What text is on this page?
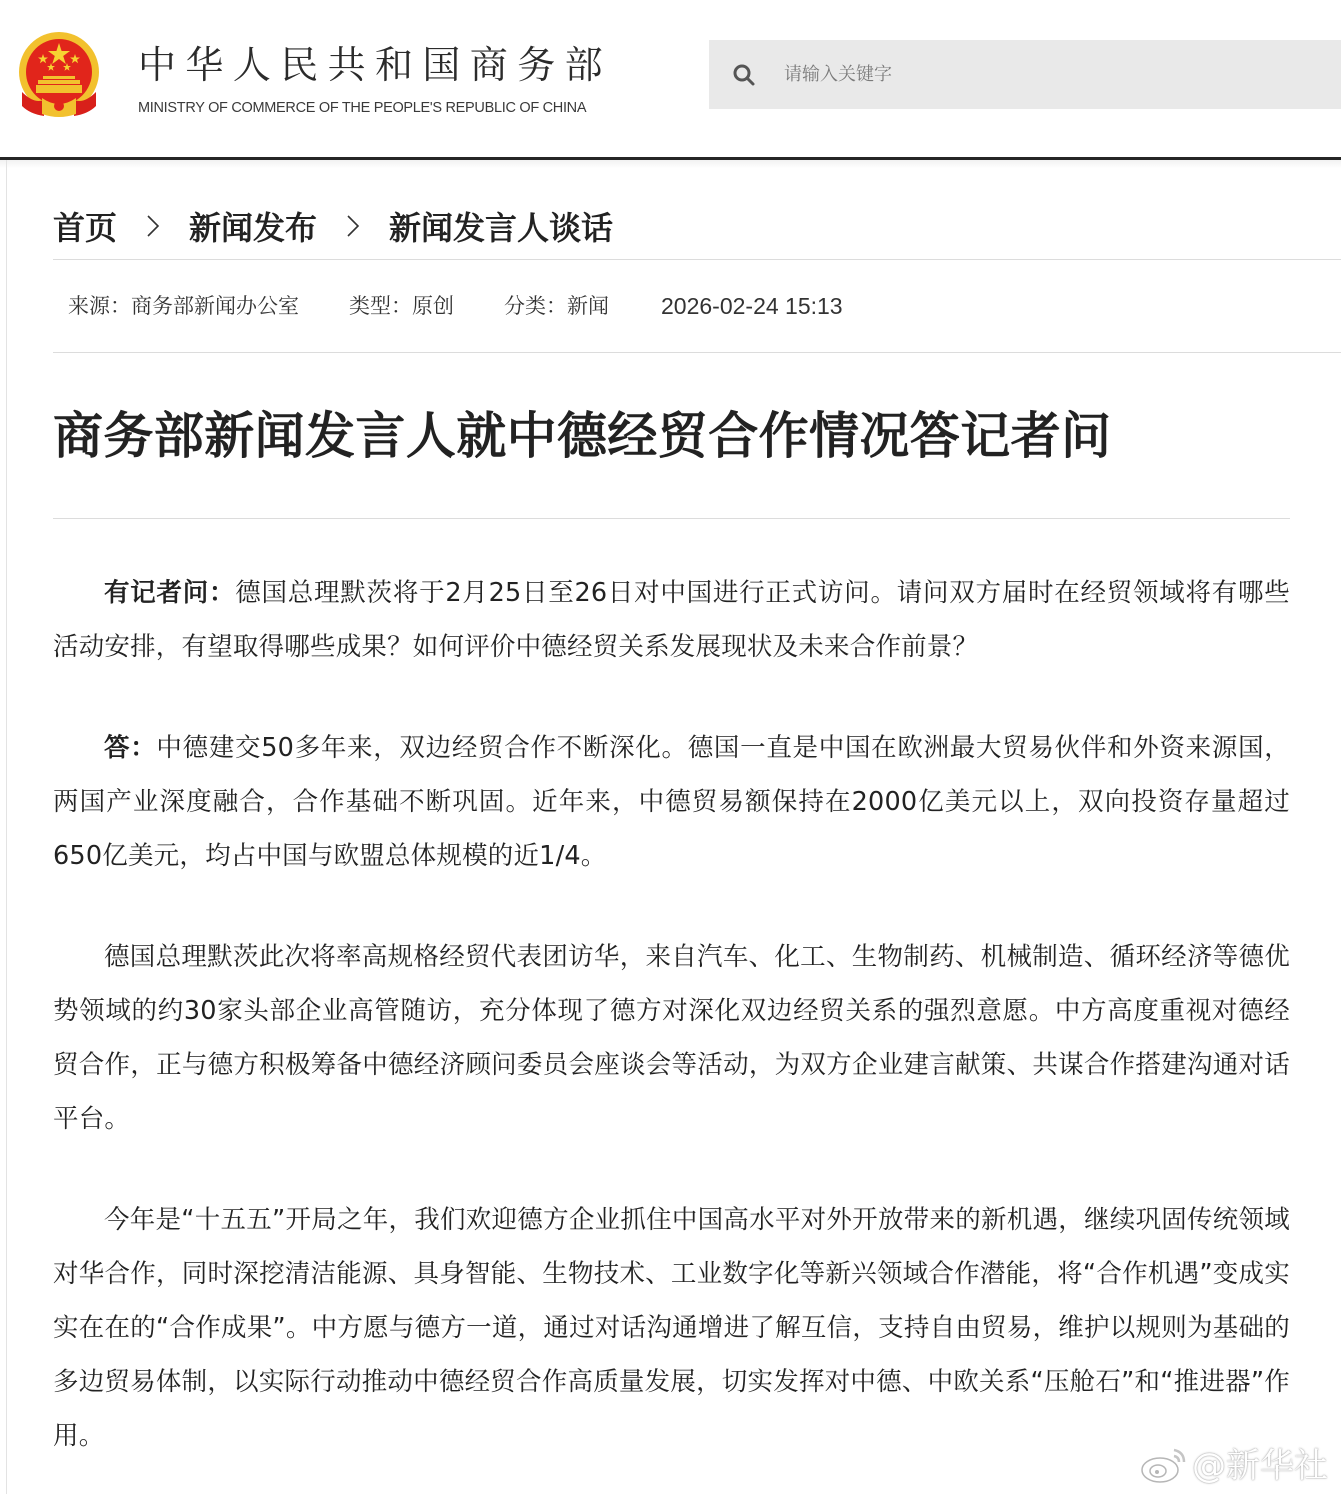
中华人民共和国商务部
MINISTRY OF COMMERCE OF THE PEOPLE'S REPUBLIC OF CHINA
请输入关键字
首页 新闻发布 新闻发言人谈话
来源：商务部新闻办公室 类型：原创 分类：新闻 2026-02-24 15:13
商务部新闻发言人就中德经贸合作情况答记者问

有记者问：德国总理默茨将于2月25日至26日对中国进行正式访问。请问双方届时在经贸领域将有哪些活动安排，有望取得哪些成果？如何评价中德经贸关系发展现状及未来合作前景？

答：中德建交50多年来，双边经贸合作不断深化。德国一直是中国在欧洲最大贸易伙伴和外资来源国，两国产业深度融合，合作基础不断巩固。近年来，中德贸易额保持在2000亿美元以上，双向投资存量超过650亿美元，均占中国与欧盟总体规模的近1/4。

德国总理默茨此次将率高规格经贸代表团访华，来自汽车、化工、生物制药、机械制造、循环经济等德优势领域的约30家头部企业高管随访，充分体现了德方对深化双边经贸关系的强烈意愿。中方高度重视对德经贸合作，正与德方积极筹备中德经济顾问委员会座谈会等活动，为双方企业建言献策、共谋合作搭建沟通对话平台。

今年是“十五五”开局之年，我们欢迎德方企业抓住中国高水平对外开放带来的新机遇，继续巩固传统领域对华合作，同时深挖清洁能源、具身智能、生物技术、工业数字化等新兴领域合作潜能，将“合作机遇”变成实实在在的“合作成果”。中方愿与德方一道，通过对话沟通增进了解互信，支持自由贸易，维护以规则为基础的多边贸易体制，以实际行动推动中德经贸合作高质量发展，切实发挥对中德、中欧关系“压舱石”和“推进器”作用。

@新华社
